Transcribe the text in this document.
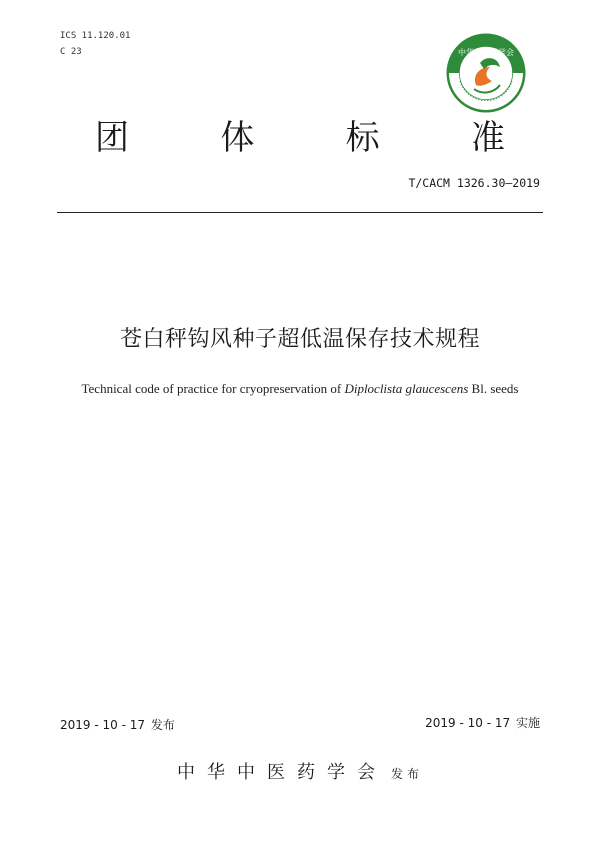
ICS 11.120.01
C 23	中华中医药学会
团	体	标	准
T/CACM 1326.30—2019
苍白秤钩风种子超低温保存技术规程
Technical code of practice for cryopreservation of Diploclista glaucescens Bl. seeds
2019 - 10 - 17 发布	2019 - 10 - 17 实施
中华中医药学会 发布
